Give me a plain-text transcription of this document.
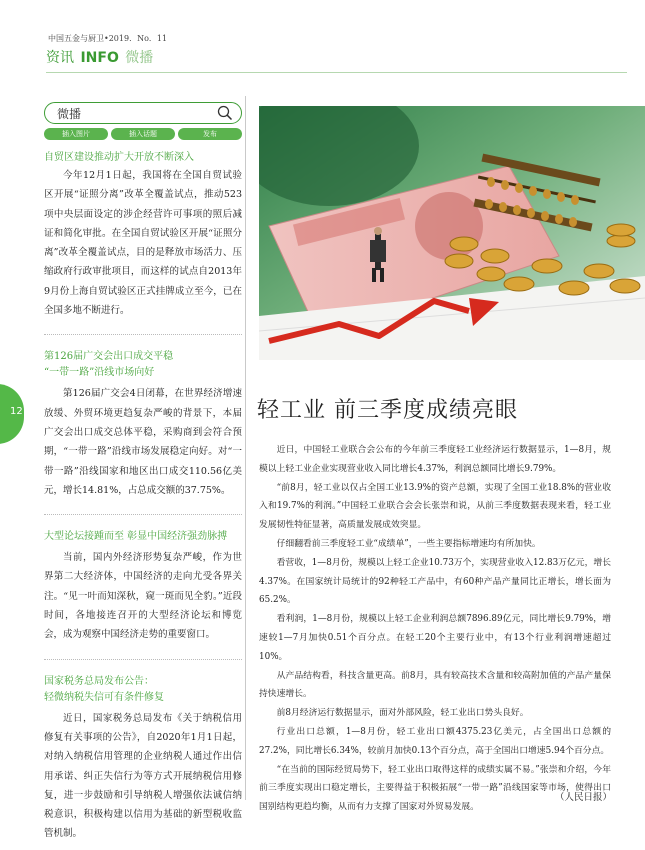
中国五金与厨卫•2019．No．11
资讯 INFO 微播
12
微播
插入图片	插入话题	发布
自贸区建设推动扩大开放不断深入
今年12月1日起，我国将在全国自贸试验区开展“证照分离”改革全覆盖试点，推动523项中央层面设定的涉企经营许可事项的照后减证和简化审批。在全国自贸试验区开展“证照分离”改革全覆盖试点，目的是释放市场活力、压缩政府行政审批项目，而这样的试点自2013年9月份上海自贸试验区正式挂牌成立至今，已在全国多地不断进行。
第126届广交会出口成交平稳
“一带一路”沿线市场向好
第126届广交会4日闭幕，在世界经济增速放缓、外贸环境更趋复杂严峻的背景下，本届广交会出口成交总体平稳，采购商到会符合预期，“一带一路”沿线市场发展稳定向好。对“一带一路”沿线国家和地区出口成交110.56亿美元，增长14.81%，占总成交额的37.75%。
大型论坛接踵而至 彰显中国经济强劲脉搏
当前，国内外经济形势复杂严峻，作为世界第二大经济体，中国经济的走向尤受各界关注。“见一叶而知深秋，窥一斑而见全豹。”近段时间，各地接连召开的大型经济论坛和博览会，成为观察中国经济走势的重要窗口。
国家税务总局发布公告：
轻微纳税失信可有条件修复
近日，国家税务总局发布《关于纳税信用修复有关事项的公告》，自2020年1月1日起，对纳入纳税信用管理的企业纳税人通过作出信用承诺、纠正失信行为等方式开展纳税信用修复，进一步鼓励和引导纳税人增强依法诚信纳税意识，积极构建以信用为基础的新型税收监管机制。
轻工业 前三季度成绩亮眼

近日，中国轻工业联合会公布的今年前三季度轻工业经济运行数据显示，1—8月，规模以上轻工业企业实现营业收入同比增长4.37%，利润总额同比增长9.79%。

“前8月，轻工业以仅占全国工业13.9%的资产总额，实现了全国工业18.8%的营业收入和19.7%的利润。”中国轻工业联合会会长张崇和说，从前三季度数据表现来看，轻工业发展韧性特征显著，高质量发展成效突显。

仔细翻看前三季度轻工业“成绩单”，一些主要指标增速均有所加快。

看营收，1—8月份，规模以上轻工企业10.73万个，实现营业收入12.83万亿元，增长4.37%。在国家统计局统计的92种轻工产品中，有60种产品产量同比正增长，增长面为65.2%。

看利润，1—8月份，规模以上轻工企业利润总额7896.89亿元，同比增长9.79%，增速较1—7月加快0.51个百分点。在轻工20个主要行业中，有13个行业利润增速超过10%。

从产品结构看，科技含量更高。前8月，具有较高技术含量和较高附加值的产品产量保持快速增长。

前8月经济运行数据显示，面对外部风险，轻工业出口势头良好。

行业出口总额，1—8月份，轻工业出口额4375.23亿美元，占全国出口总额的27.2%，同比增长6.34%，较前月加快0.13个百分点，高于全国出口增速5.94个百分点。

“在当前的国际经贸局势下，轻工业出口取得这样的成绩实属不易。”张崇和介绍，今年前三季度实现出口稳定增长，主要得益于积极拓展“一带一路”沿线国家等市场，使得出口国别结构更趋均衡，从而有力支撑了国家对外贸易发展。

（人民日报）
